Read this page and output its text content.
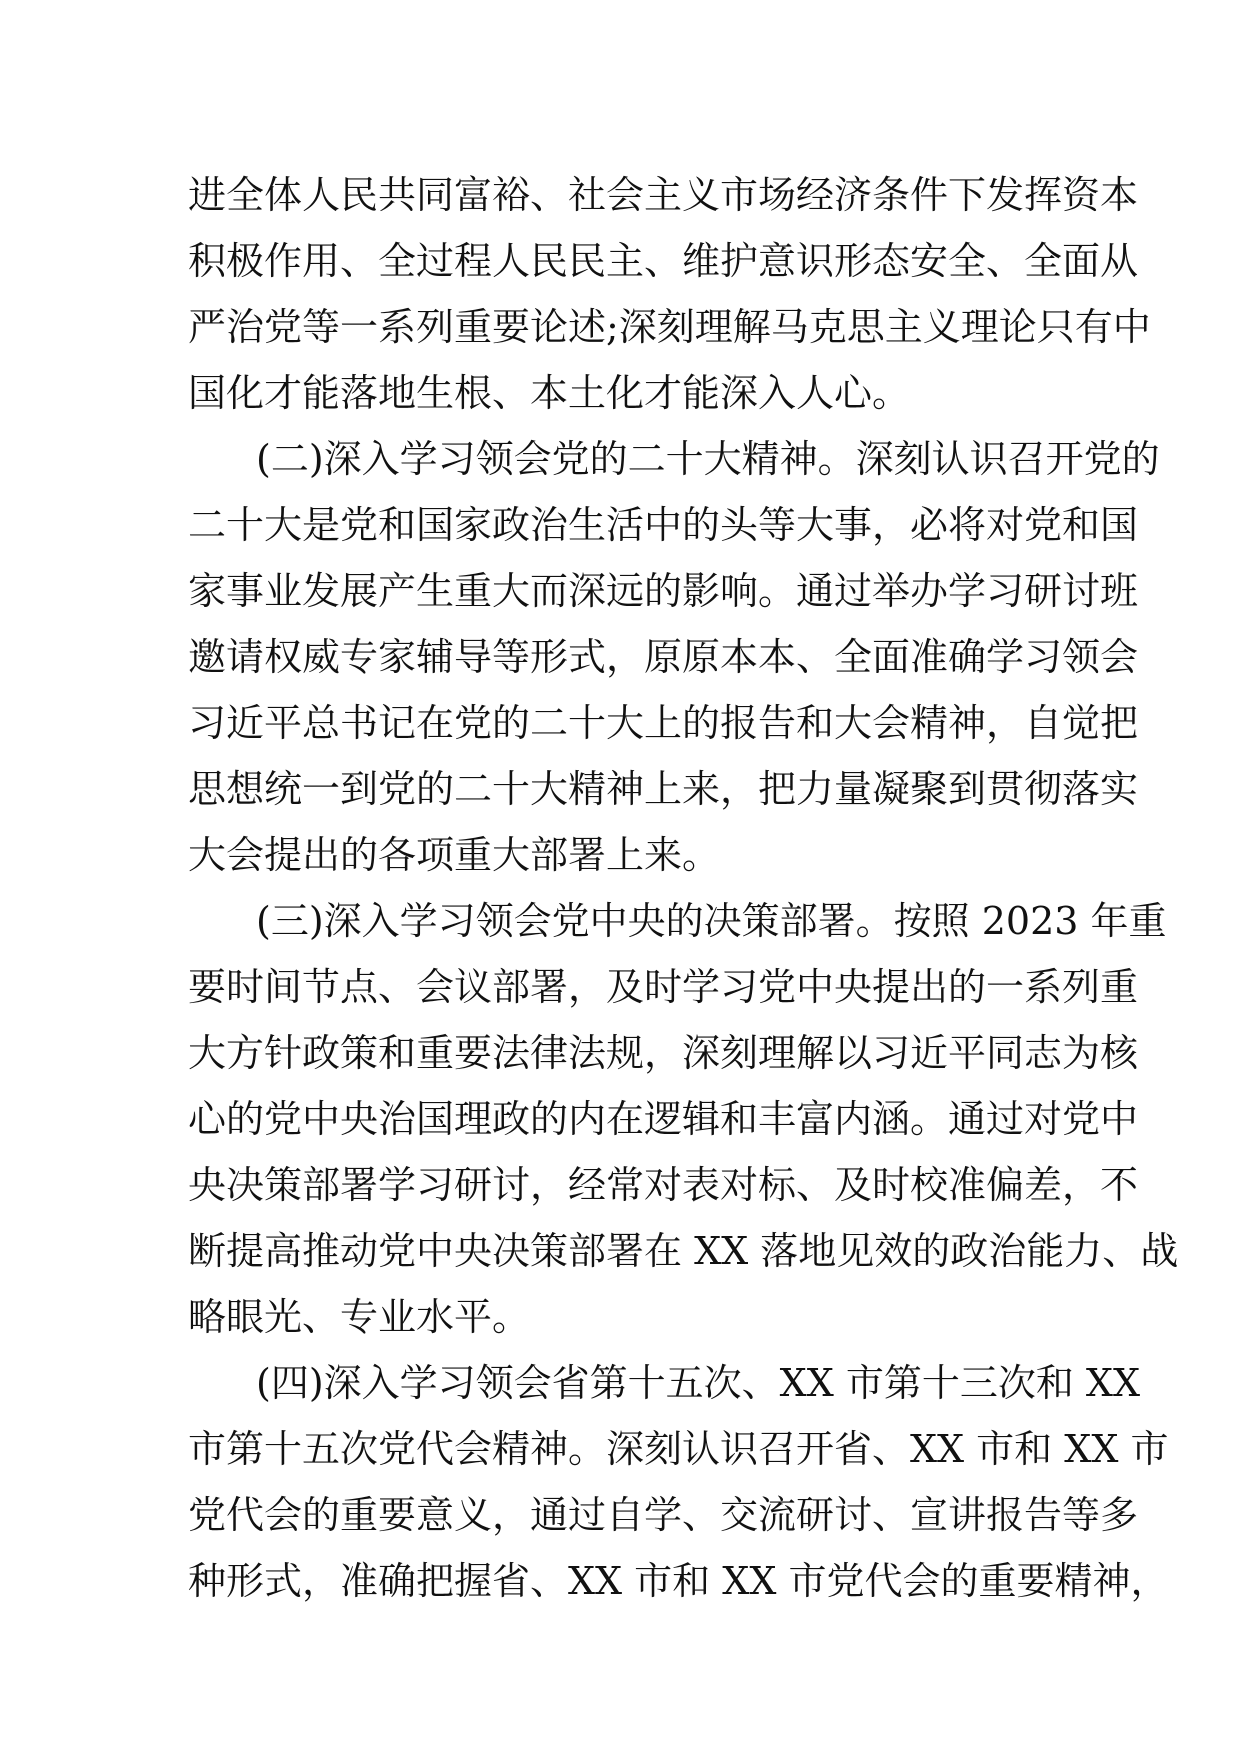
进全体人民共同富裕、社会主义市场经济条件下发挥资本
积极作用、全过程人民民主、维护意识形态安全、全面从
严治党等一系列重要论述;深刻理解马克思主义理论只有中
国化才能落地生根、本土化才能深入人心。
(二)深入学习领会党的二十大精神。深刻认识召开党的
二十大是党和国家政治生活中的头等大事，必将对党和国
家事业发展产生重大而深远的影响。通过举办学习研讨班
邀请权威专家辅导等形式，原原本本、全面准确学习领会
习近平总书记在党的二十大上的报告和大会精神，自觉把
思想统一到党的二十大精神上来，把力量凝聚到贯彻落实
大会提出的各项重大部署上来。
(三)深入学习领会党中央的决策部署。按照 2023 年重
要时间节点、会议部署，及时学习党中央提出的一系列重
大方针政策和重要法律法规，深刻理解以习近平同志为核
心的党中央治国理政的内在逻辑和丰富内涵。通过对党中
央决策部署学习研讨，经常对表对标、及时校准偏差，不
断提高推动党中央决策部署在 XX 落地见效的政治能力、战
略眼光、专业水平。
(四)深入学习领会省第十五次、XX 市第十三次和 XX
市第十五次党代会精神。深刻认识召开省、XX 市和 XX 市
党代会的重要意义，通过自学、交流研讨、宣讲报告等多
种形式，准确把握省、XX 市和 XX 市党代会的重要精神，
